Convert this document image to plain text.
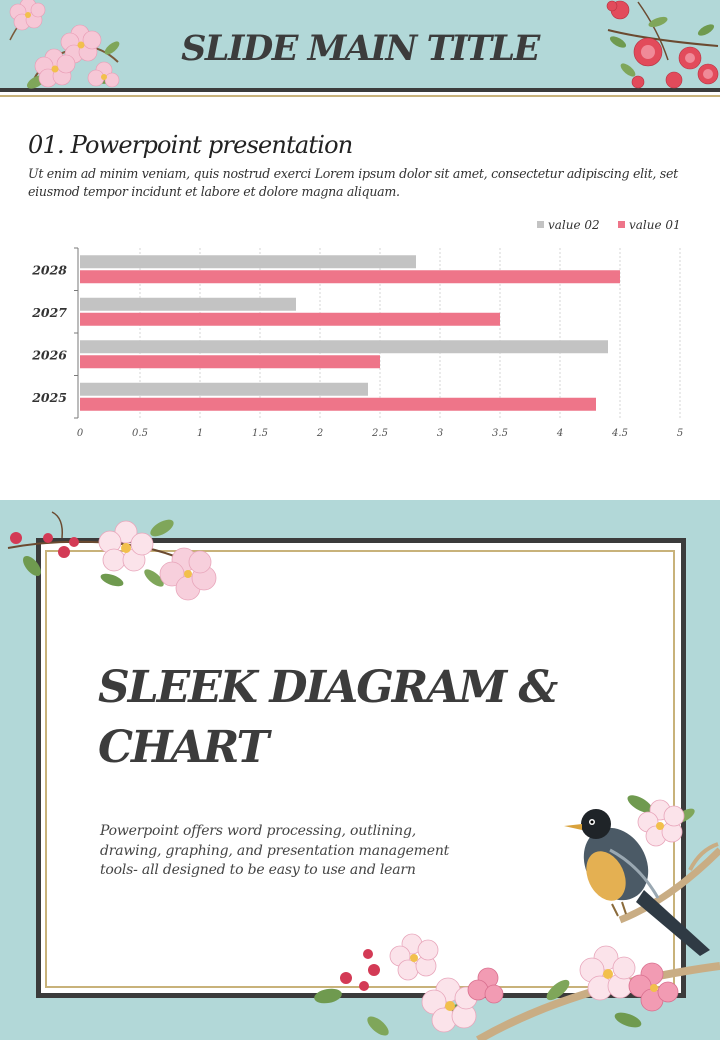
SLIDE MAIN TITLE
01. Powerpoint presentation
Ut enim ad minim veniam, quis nostrud exerci Lorem ipsum dolor sit amet, consectetur adipiscing elit, set eiusmod tempor incidunt et labore et dolore magna aliquam.
2025
2026
2027
2028
0	0.5	1	1.5	2	2.5	3	3.5	4	4.5	5
value 02 value 01
SLEEK DIAGRAM &
CHART
Powerpoint offers word processing, outlining, drawing, graphing, and presentation management tools- all designed to be easy to use and learn
